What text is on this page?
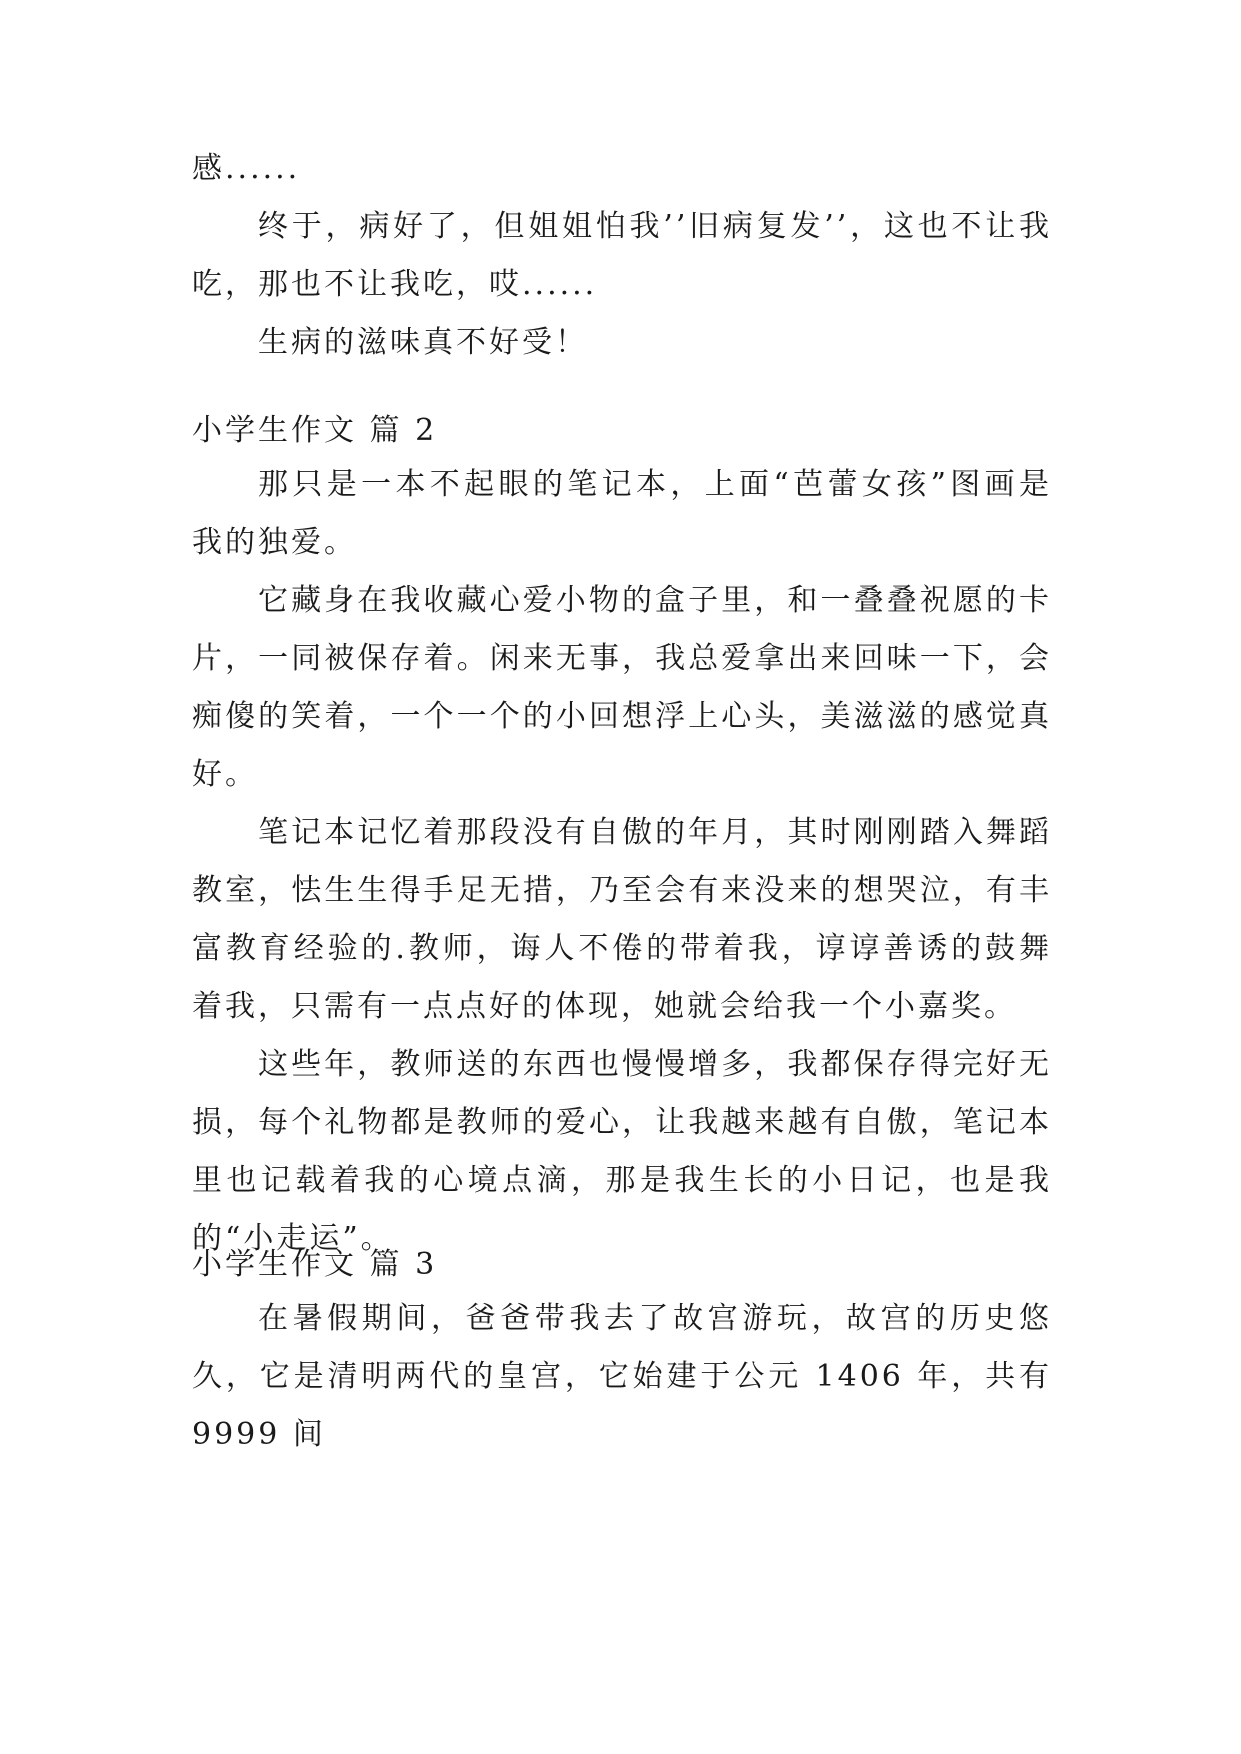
感......

终于，病好了，但姐姐怕我’’旧病复发’’，这也不让我吃，那也不让我吃，哎......

生病的滋味真不好受！

小学生作文 篇 2

那只是一本不起眼的笔记本，上面“芭蕾女孩”图画是我的独爱。

它藏身在我收藏心爱小物的盒子里，和一叠叠祝愿的卡片，一同被保存着。闲来无事，我总爱拿出来回味一下，会痴傻的笑着，一个一个的小回想浮上心头，美滋滋的感觉真好。

笔记本记忆着那段没有自傲的年月，其时刚刚踏入舞蹈教室，怯生生得手足无措，乃至会有来没来的想哭泣，有丰富教育经验的.教师，诲人不倦的带着我，谆谆善诱的鼓舞着我，只需有一点点好的体现，她就会给我一个小嘉奖。

这些年，教师送的东西也慢慢增多，我都保存得完好无损，每个礼物都是教师的爱心，让我越来越有自傲，笔记本里也记载着我的心境点滴，那是我生长的小日记，也是我的“小走运”。

小学生作文 篇 3

在暑假期间，爸爸带我去了故宫游玩，故宫的历史悠久，它是清明两代的皇宫，它始建于公元 1406 年，共有 9999 间
